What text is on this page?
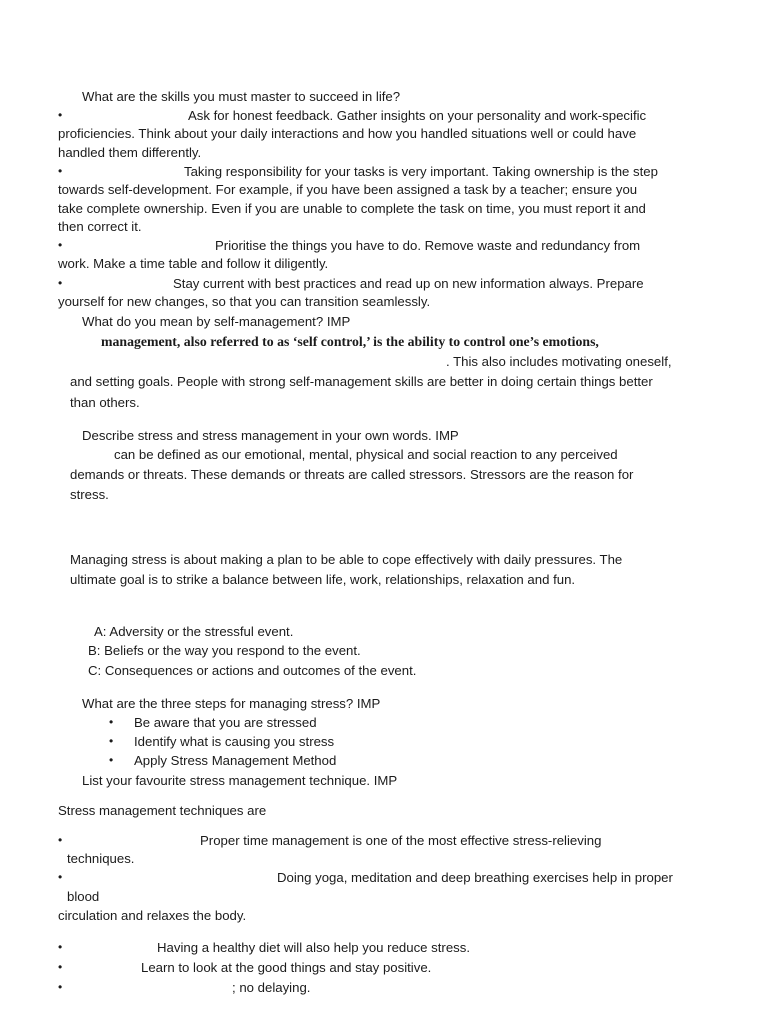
What are the skills you must master to succeed in life?
•	Ask for honest feedback. Gather insights on your personality and work-specific
proficiencies. Think about your daily interactions and how you handled situations well or could have
handled them differently.
•	Taking responsibility for your tasks is very important. Taking ownership is the step
towards self-development. For example, if you have been assigned a task by a teacher; ensure you
take complete ownership. Even if you are unable to complete the task on time, you must report it and
then correct it.
•	Prioritise the things you have to do. Remove waste and redundancy from
work. Make a time table and follow it diligently.
•	Stay current with best practices and read up on new information always. Prepare
yourself for new changes, so that you can transition seamlessly.
What do you mean by self-management? IMP
management, also referred to as ‘self control,’ is the ability to control one’s emotions,
. This also includes motivating oneself,
and setting goals. People with strong self-management skills are better in doing certain things better
than others.
Describe stress and stress management in your own words. IMP
can be defined as our emotional, mental, physical and social reaction to any perceived
demands or threats. These demands or threats are called stressors. Stressors are the reason for
stress.
Managing stress is about making a plan to be able to cope effectively with daily pressures. The
ultimate goal is to strike a balance between life, work, relationships, relaxation and fun.
A: Adversity or the stressful event.
B: Beliefs or the way you respond to the event.
C: Consequences or actions and outcomes of the event.
What are the three steps for managing stress? IMP
• Be aware that you are stressed
• Identify what is causing you stress
• Apply Stress Management Method
List your favourite stress management technique. IMP
Stress management techniques are
•	Proper time management is one of the most effective stress-relieving
techniques.
•	Doing yoga, meditation and deep breathing exercises help in proper
blood
circulation and relaxes the body.
•	Having a healthy diet will also help you reduce stress.
•	Learn to look at the good things and stay positive.
•	; no delaying.
